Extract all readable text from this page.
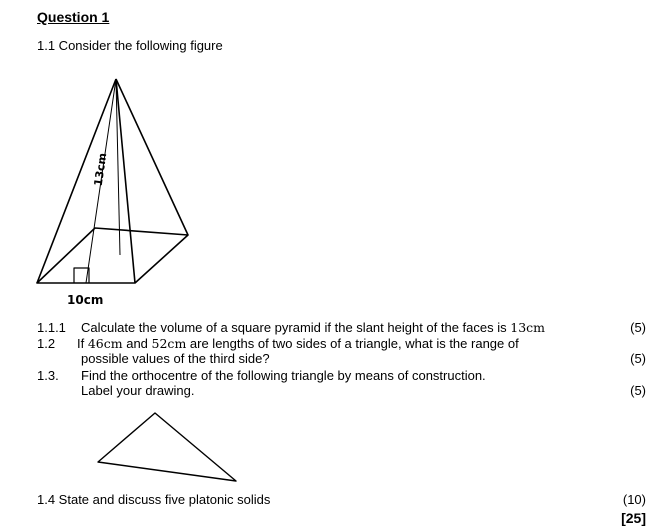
Question 1
1.1 Consider the following figure
13cm
10cm
1.1.1 Calculate the volume of a square pyramid if the slant height of the faces is 13cm	(5)
1.2 If 46cm and 52cm are lengths of two sides of a triangle, what is the range of
possible values of the third side?	(5)
1.3. Find the orthocentre of the following triangle by means of construction.
Label your drawing.	(5)
1.4 State and discuss five platonic solids	(10)
[25]
